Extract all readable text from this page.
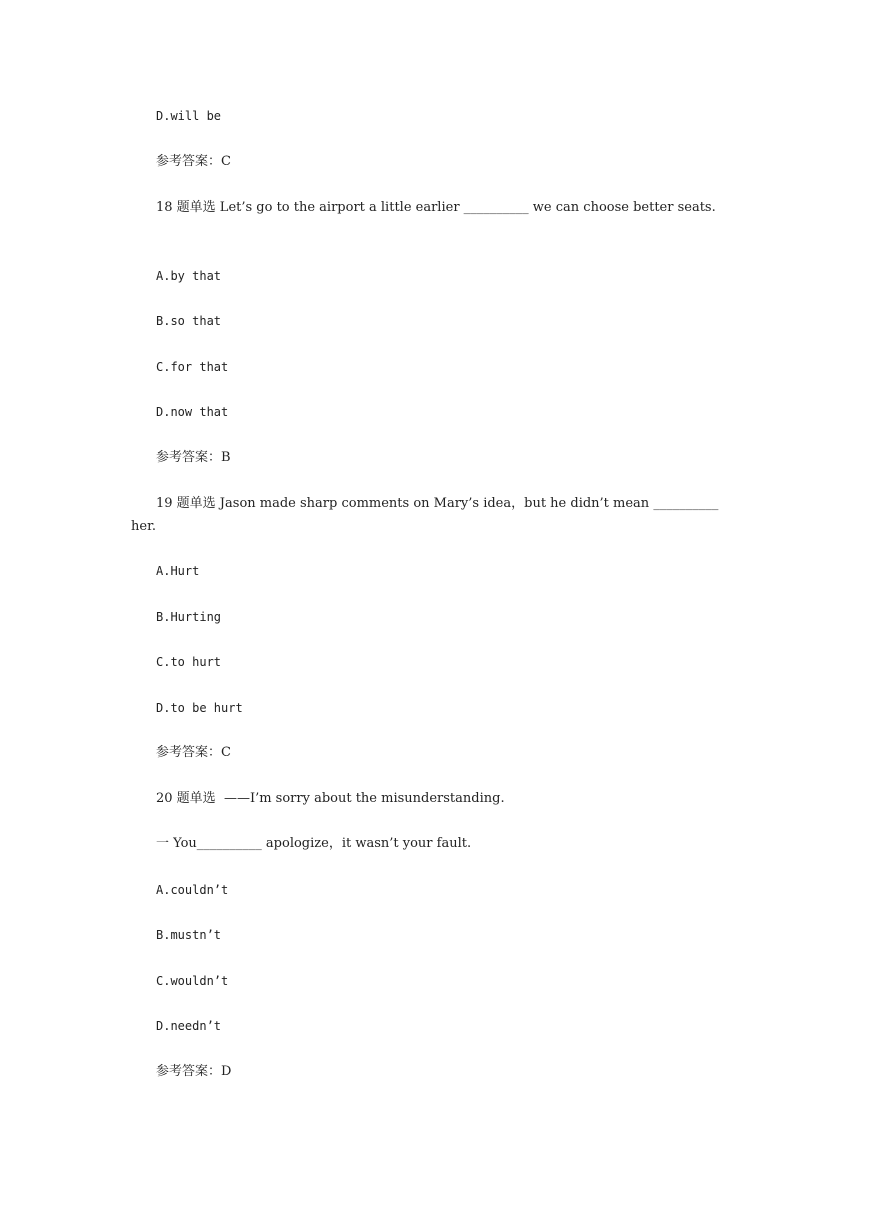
D.will be
参考答案：C
18 题单选 Let’s go to the airport a little earlier __________ we can choose better seats.
A.by that
B.so that
C.for that
D.now that
参考答案：B
19 题单选 Jason made sharp comments on Mary’s idea，but he didn’t mean __________ her.
A.Hurt
B.Hurting
C.to hurt
D.to be hurt
参考答案：C
20 题单选  ——I’m sorry about the misunderstanding.
一 You__________ apologize，it wasn’t your fault.
A.couldn’t
B.mustn’t
C.wouldn’t
D.needn’t
参考答案：D
